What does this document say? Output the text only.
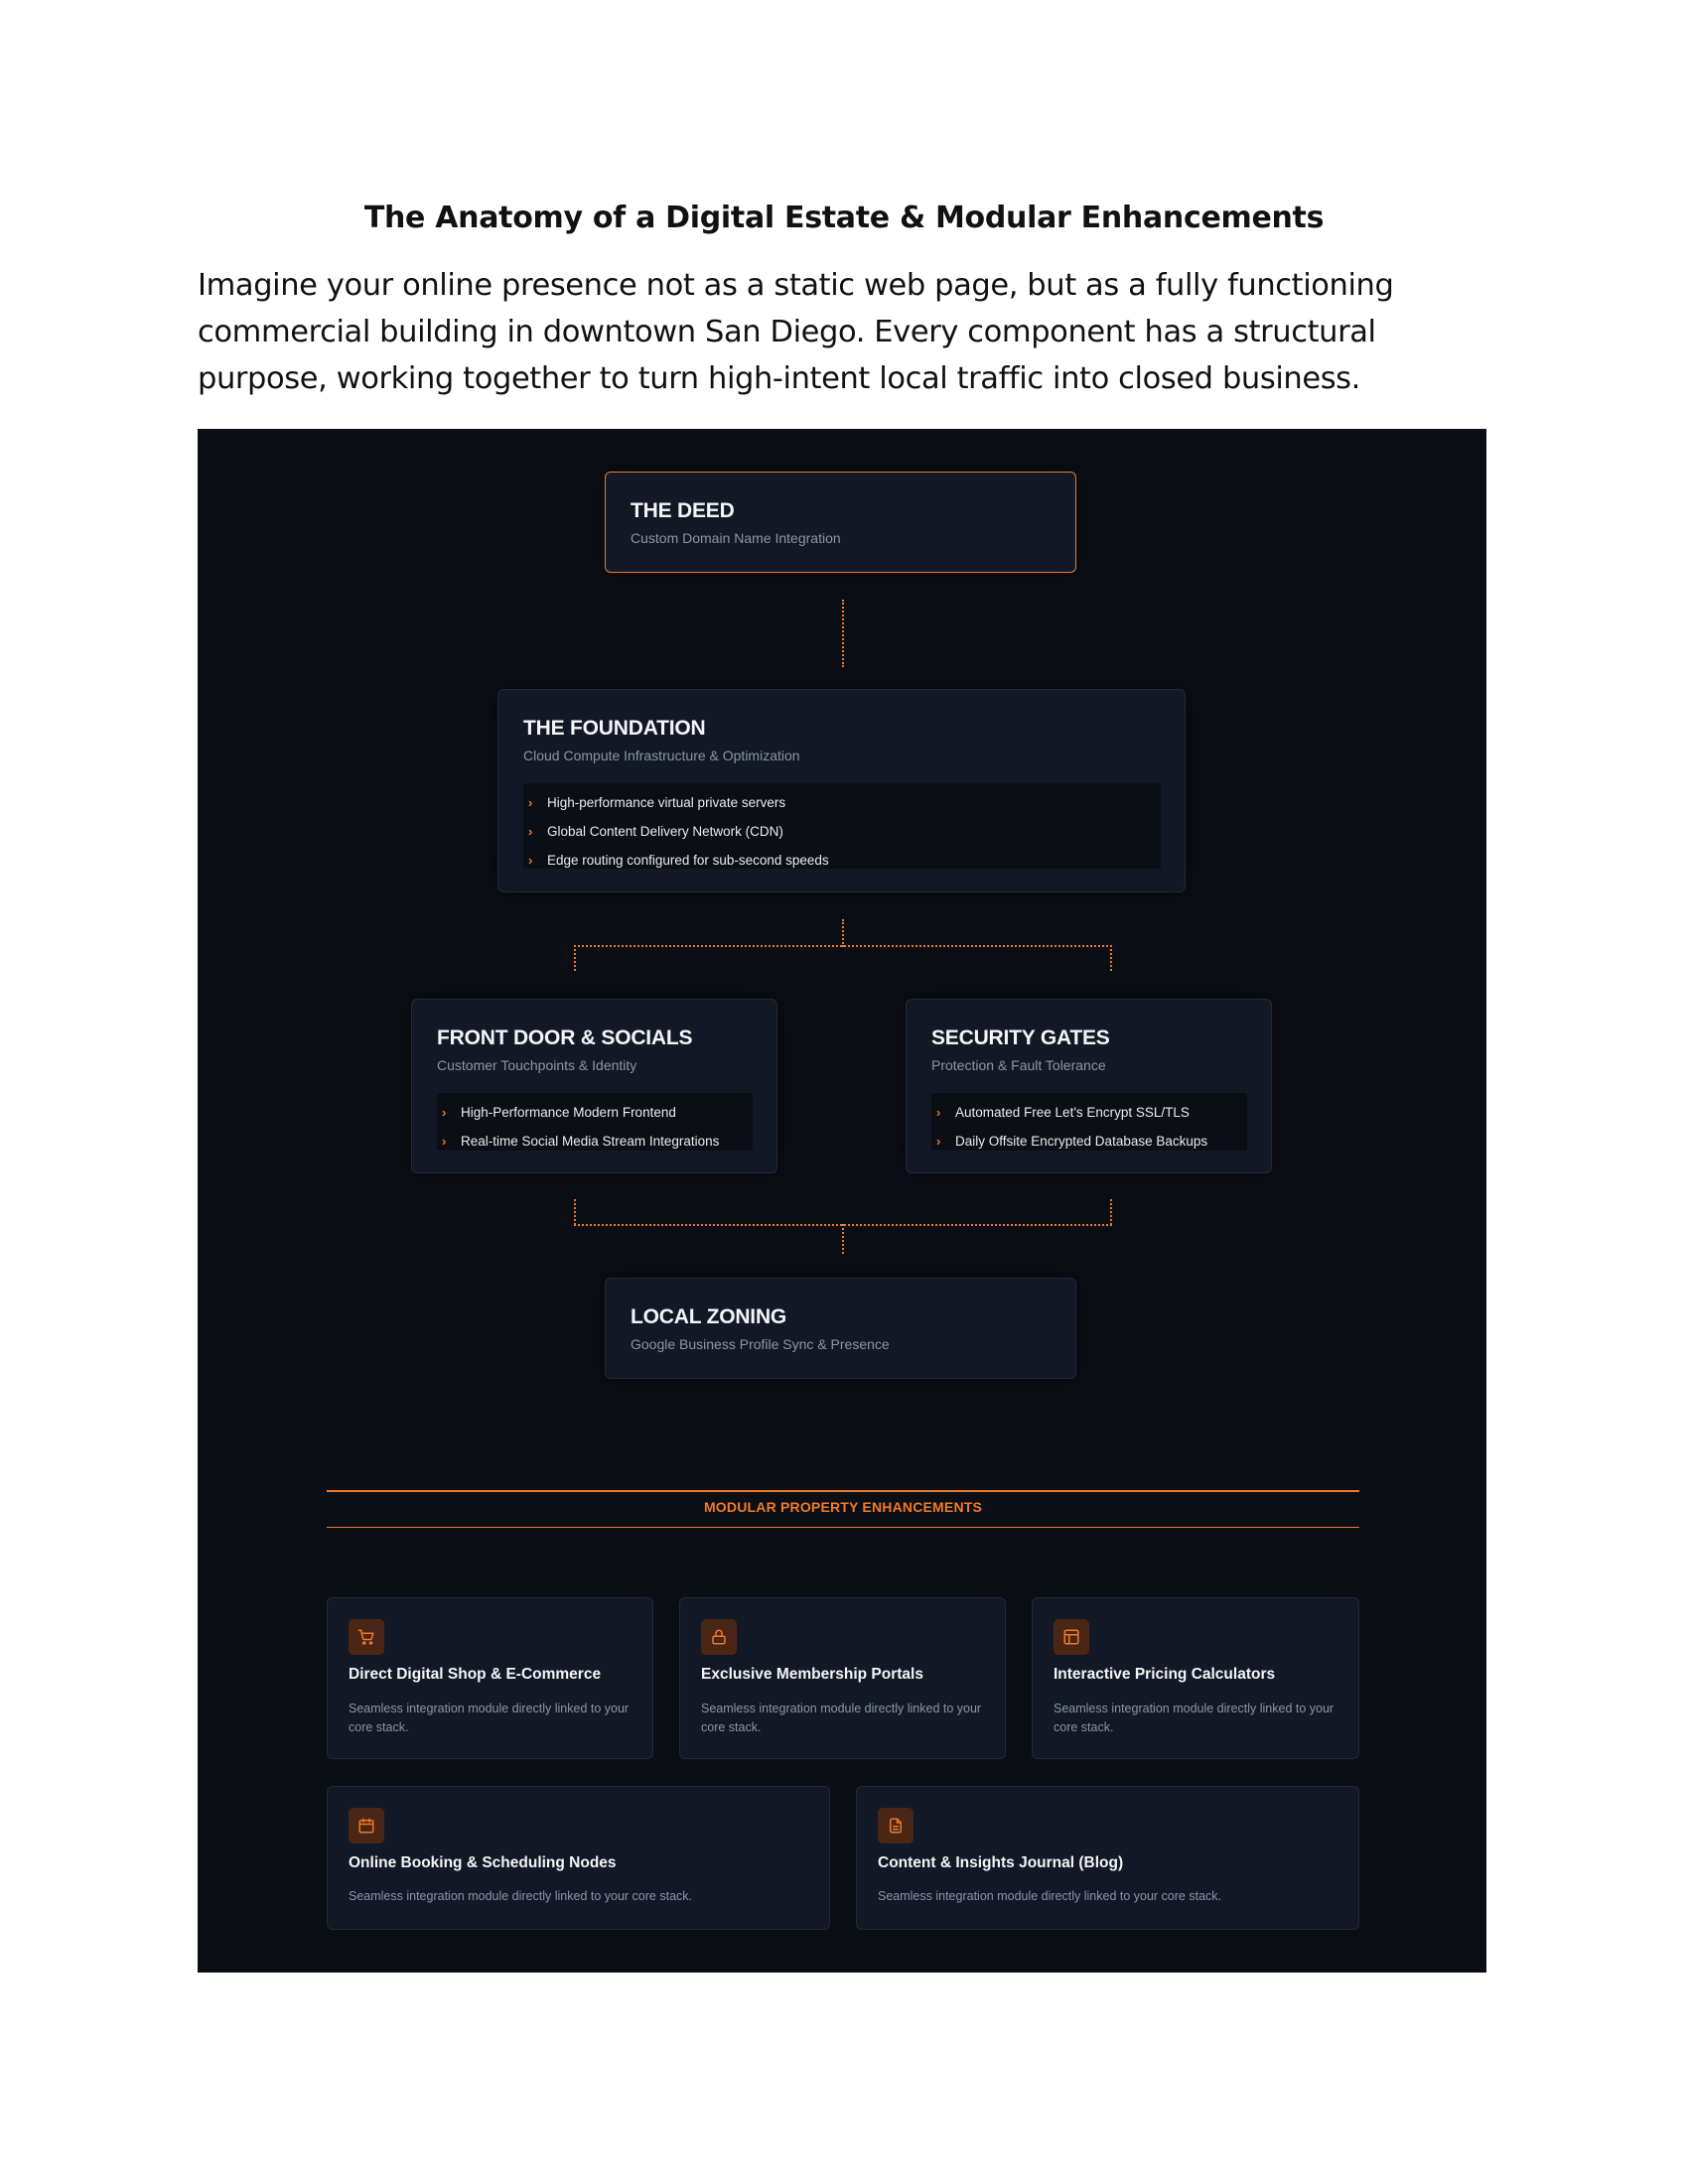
The Anatomy of a Digital Estate & Modular Enhancements

Imagine your online presence not as a static web page, but as a fully functioning commercial building in downtown San Diego. Every component has a structural purpose, working together to turn high-intent local traffic into closed business.

THE DEED
Custom Domain Name Integration
THE FOUNDATION
Cloud Compute Infrastructure & Optimization
› High-performance virtual private servers
› Global Content Delivery Network (CDN)
› Edge routing configured for sub-second speeds
FRONT DOOR & SOCIALS
Customer Touchpoints & Identity
› High-Performance Modern Frontend
› Real-time Social Media Stream Integrations
SECURITY GATES
Protection & Fault Tolerance
› Automated Free Let's Encrypt SSL/TLS
› Daily Offsite Encrypted Database Backups
LOCAL ZONING
Google Business Profile Sync & Presence
MODULAR PROPERTY ENHANCEMENTS
Direct Digital Shop & E-Commerce
Seamless integration module directly linked to your core stack.
Exclusive Membership Portals
Seamless integration module directly linked to your core stack.
Interactive Pricing Calculators
Seamless integration module directly linked to your core stack.
Online Booking & Scheduling Nodes
Seamless integration module directly linked to your core stack.
Content & Insights Journal (Blog)
Seamless integration module directly linked to your core stack.
